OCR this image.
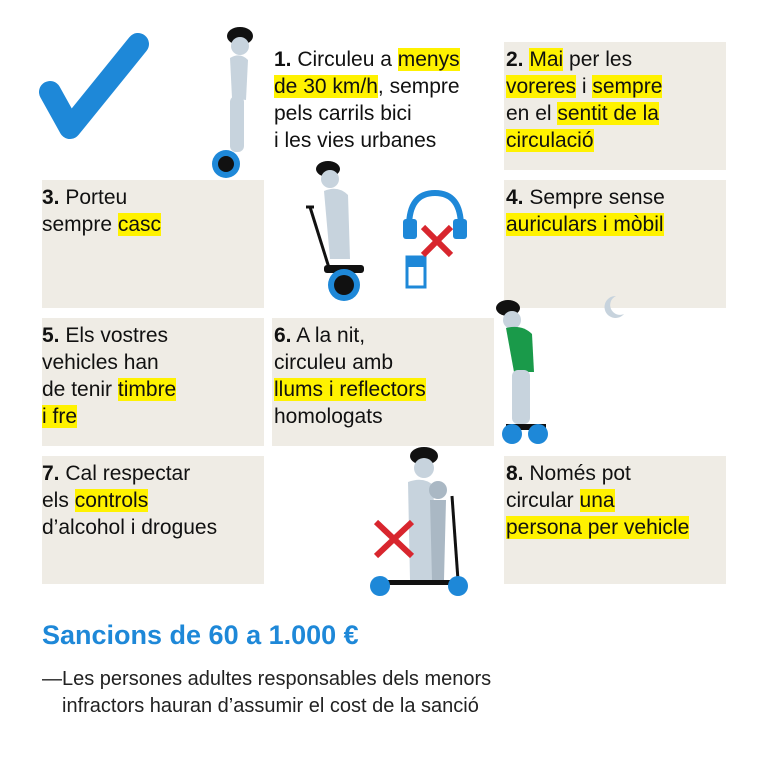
1. Circuleu a menys
de 30 km/h, sempre
pels carrils bici
i les vies urbanes
2. Mai per les
voreres i sempre
en el sentit de la
circulació
3. Porteu
sempre casc
4. Sempre sense
auriculars i mòbil
5. Els vostres
vehicles han
de tenir timbre
i fre
6. A la nit,
circuleu amb
llums i reflectors
homologats
7. Cal respectar
els controls
d’alcohol i drogues
8. Només pot
circular una
persona per vehicle
Sancions de 60 a 1.000 €
—Les persones adultes responsables dels menors
infractors hauran d’assumir el cost de la sanció
